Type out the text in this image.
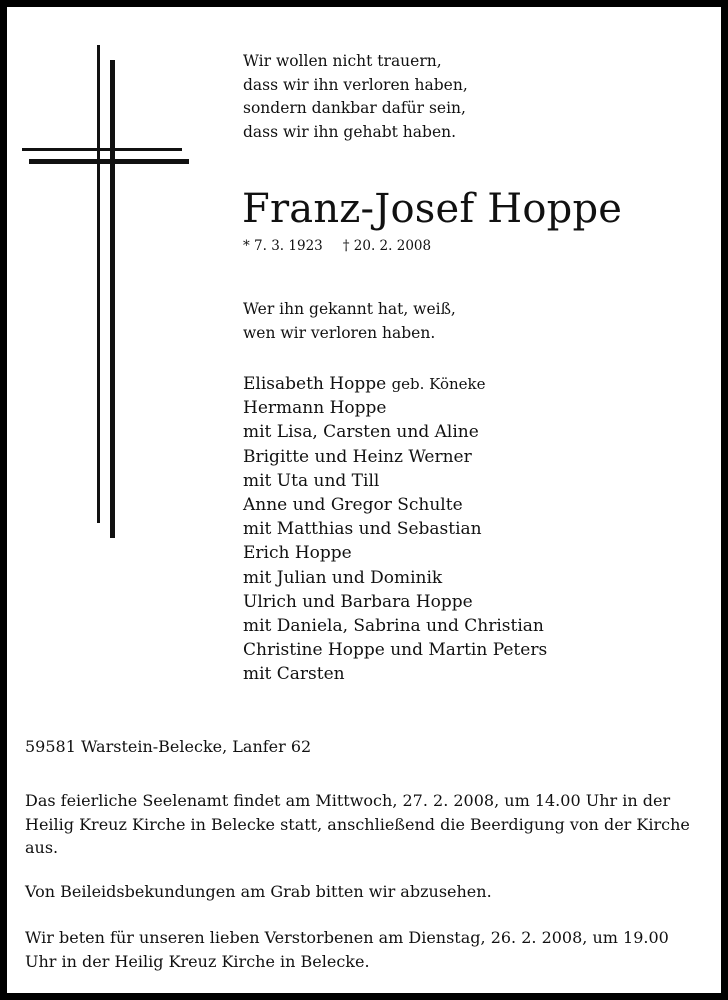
Wir wollen nicht trauern,
dass wir ihn verloren haben,
sondern dankbar dafür sein,
dass wir ihn gehabt haben.
Franz-Josef Hoppe
* 7. 3. 1923 † 20. 2. 2008
Wer ihn gekannt hat, weiß,
wen wir verloren haben.
Elisabeth Hoppe geb. Köneke
Hermann Hoppe
mit Lisa, Carsten und Aline
Brigitte und Heinz Werner
mit Uta und Till
Anne und Gregor Schulte
mit Matthias und Sebastian
Erich Hoppe
mit Julian und Dominik
Ulrich und Barbara Hoppe
mit Daniela, Sabrina und Christian
Christine Hoppe und Martin Peters
mit Carsten
59581 Warstein-Belecke, Lanfer 62
Das feierliche Seelenamt findet am Mittwoch, 27. 2. 2008, um 14.00 Uhr in der Heilig Kreuz Kirche in Belecke statt, anschließend die Beerdigung von der Kirche aus.
Von Beileidsbekundungen am Grab bitten wir abzusehen.
Wir beten für unseren lieben Verstorbenen am Dienstag, 26. 2. 2008, um 19.00 Uhr in der Heilig Kreuz Kirche in Belecke.
